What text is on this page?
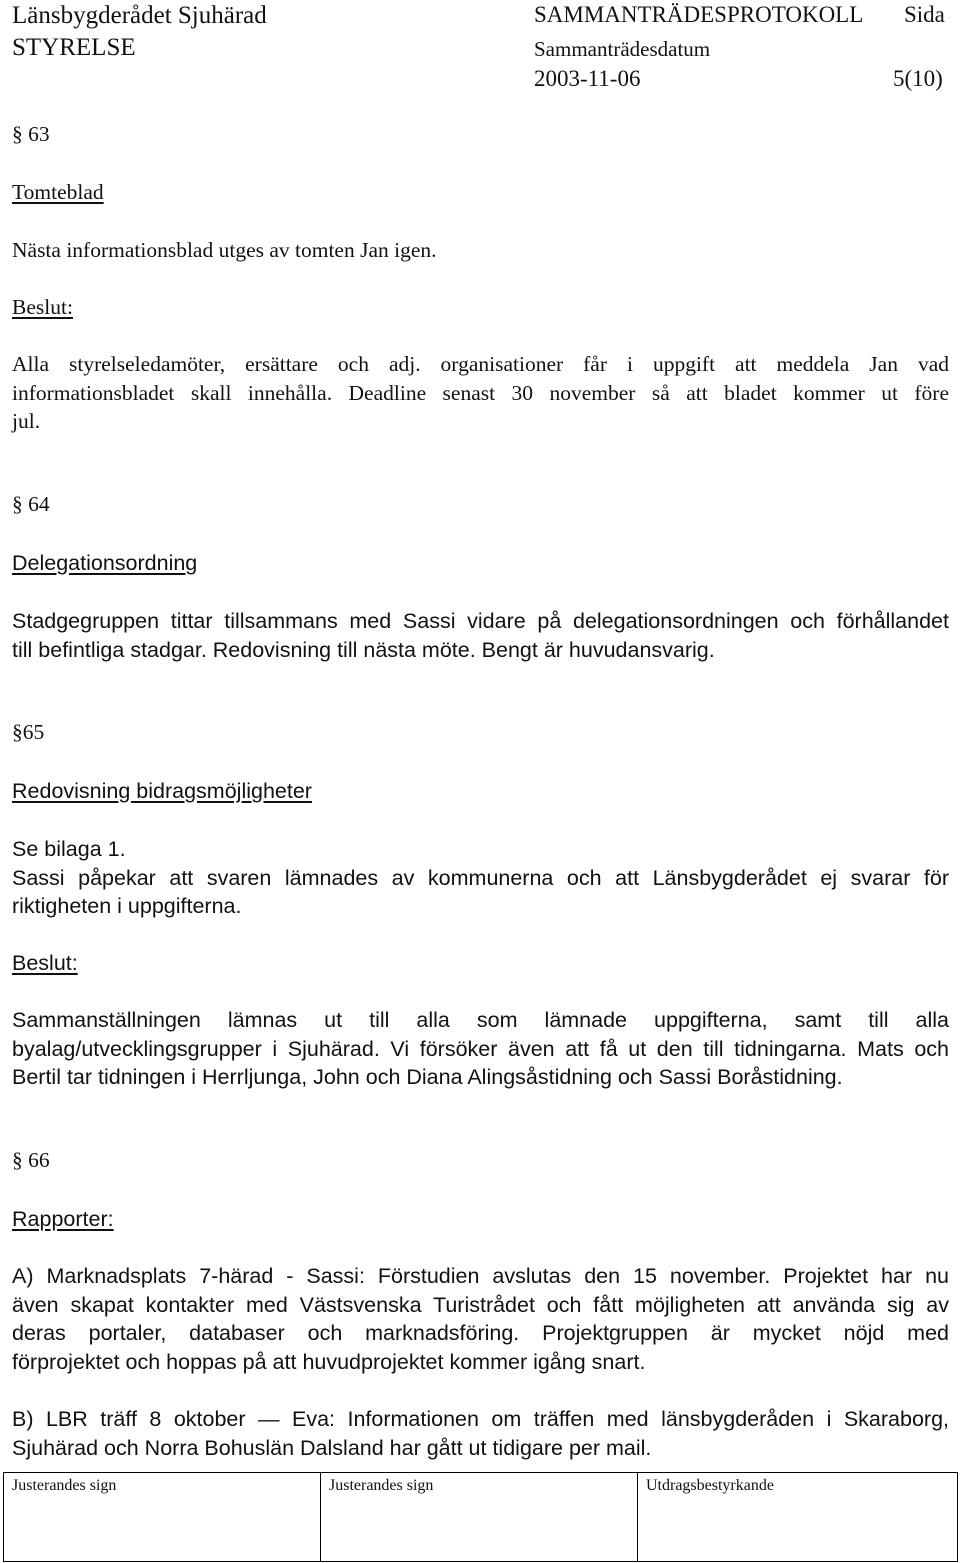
Länsbygderådet Sjuhärad
STYRELSE
SAMMANTRÄDESPROTOKOLL Sida
Sammanträdesdatum
2003-11-06	5(10)
§ 63
Tomteblad
Nästa informationsblad utges av tomten Jan igen.
Beslut:
Alla styrelseledamöter, ersättare och adj. organisationer får i uppgift att meddela Jan vad
informationsbladet skall innehålla. Deadline senast 30 november så att bladet kommer ut före
jul.
§ 64
Delegationsordning
Stadgegruppen tittar tillsammans med Sassi vidare på delegationsordningen och förhållandet
till befintliga stadgar. Redovisning till nästa möte. Bengt är huvudansvarig.
§65
Redovisning bidragsmöjligheter
Se bilaga 1.
Sassi påpekar att svaren lämnades av kommunerna och att Länsbygderådet ej svarar för
riktigheten i uppgifterna.
Beslut:
Sammanställningen lämnas ut till alla som lämnade uppgifterna, samt till alla
byalag/utvecklingsgrupper i Sjuhärad. Vi försöker även att få ut den till tidningarna. Mats och
Bertil tar tidningen i Herrljunga, John och Diana Alingsåstidning och Sassi Boråstidning.
§ 66
Rapporter:
A) Marknadsplats 7-härad - Sassi: Förstudien avslutas den 15 november. Projektet har nu
även skapat kontakter med Västsvenska Turistrådet och fått möjligheten att använda sig av
deras portaler, databaser och marknadsföring. Projektgruppen är mycket nöjd med
förprojektet och hoppas på att huvudprojektet kommer igång snart.
B) LBR träff 8 oktober — Eva: Informationen om träffen med länsbygderåden i Skaraborg,
Sjuhärad och Norra Bohuslän Dalsland har gått ut tidigare per mail.
Justerandes sign	Justerandes sign	Utdragsbestyrkande
